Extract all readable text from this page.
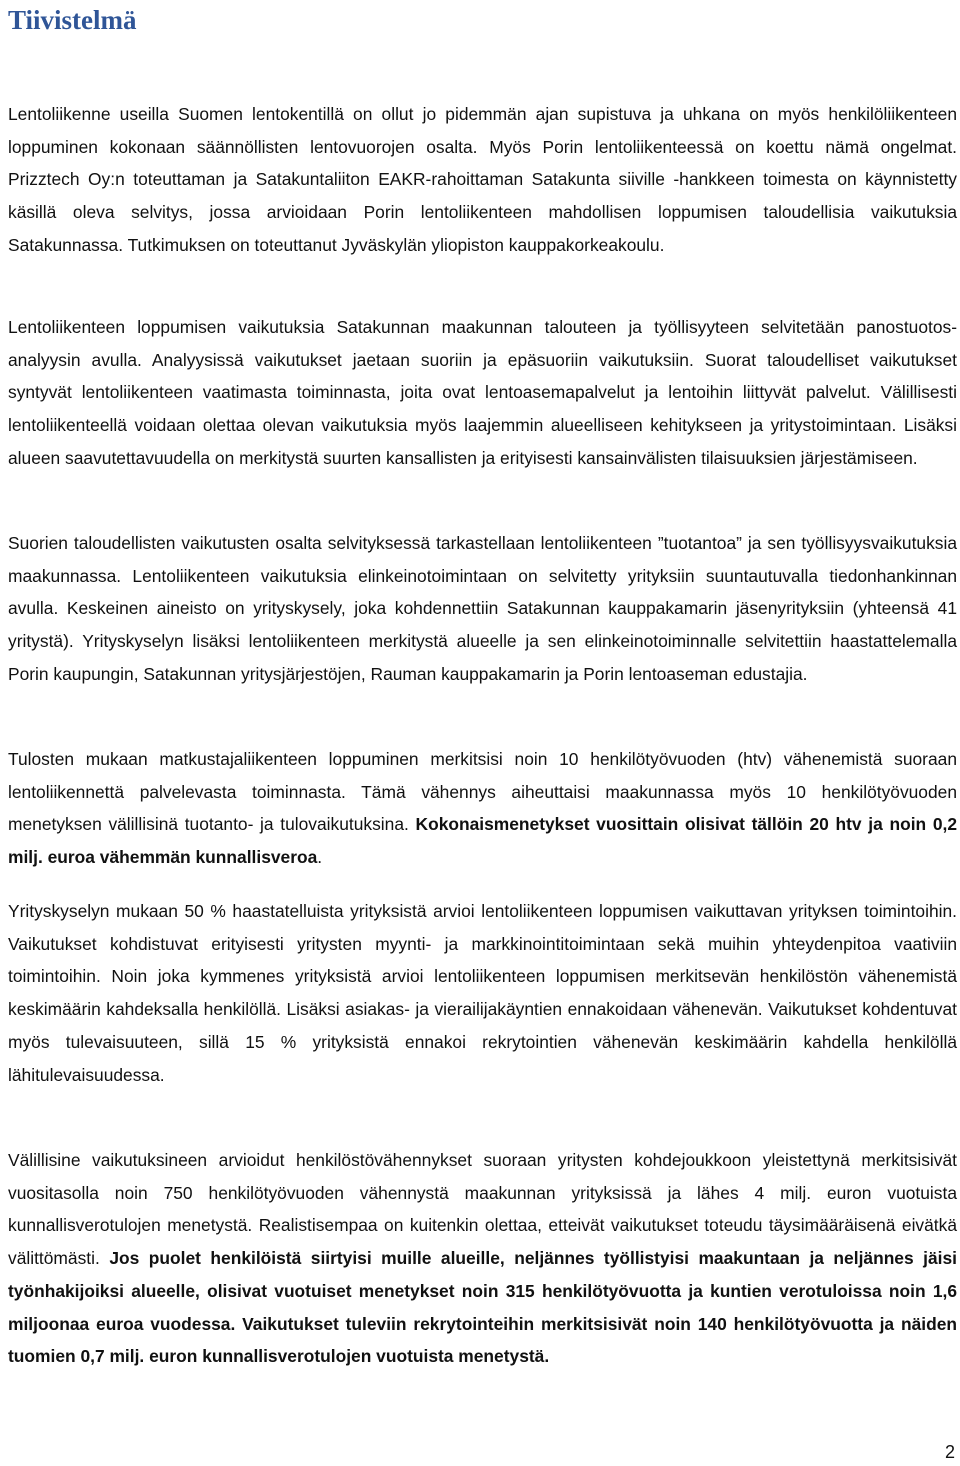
Tiivistelmä

Lentoliikenne useilla Suomen lentokentillä on ollut jo pidemmän ajan supistuva ja uhkana on myös henkilöliikenteen loppuminen kokonaan säännöllisten lentovuorojen osalta. Myös Porin lentoliikenteessä on koettu nämä ongelmat. Prizztech Oy:n toteuttaman ja Satakuntaliiton EAKR-rahoittaman Satakunta siiville -hankkeen toimesta on käynnistetty käsillä oleva selvitys, jossa arvioidaan Porin lentoliikenteen mahdollisen loppumisen taloudellisia vaikutuksia Satakunnassa. Tutkimuksen on toteuttanut Jyväskylän yliopiston kauppakorkeakoulu.

Lentoliikenteen loppumisen vaikutuksia Satakunnan maakunnan talouteen ja työllisyyteen selvitetään panostuotos-analyysin avulla. Analyysissä vaikutukset jaetaan suoriin ja epäsuoriin vaikutuksiin. Suorat taloudelliset vaikutukset syntyvät lentoliikenteen vaatimasta toiminnasta, joita ovat lentoasemapalvelut ja lentoihin liittyvät palvelut. Välillisesti lentoliikenteellä voidaan olettaa olevan vaikutuksia myös laajemmin alueelliseen kehitykseen ja yritystoimintaan. Lisäksi alueen saavutettavuudella on merkitystä suurten kansallisten ja erityisesti kansainvälisten tilaisuuksien järjestämiseen.

Suorien taloudellisten vaikutusten osalta selvityksessä tarkastellaan lentoliikenteen ”tuotantoa” ja sen työllisyysvaikutuksia maakunnassa. Lentoliikenteen vaikutuksia elinkeinotoimintaan on selvitetty yrityksiin suuntautuvalla tiedonhankinnan avulla. Keskeinen aineisto on yrityskysely, joka kohdennettiin Satakunnan kauppakamarin jäsenyrityksiin (yhteensä 41 yritystä). Yrityskyselyn lisäksi lentoliikenteen merkitystä alueelle ja sen elinkeinotoiminnalle selvitettiin haastattelemalla Porin kaupungin, Satakunnan yritysjärjestöjen, Rauman kauppakamarin ja Porin lentoaseman edustajia.

Tulosten mukaan matkustajaliikenteen loppuminen merkitsisi noin 10 henkilötyövuoden (htv) vähenemistä suoraan lentoliikennettä palvelevasta toiminnasta. Tämä vähennys aiheuttaisi maakunnassa myös 10 henkilötyövuoden menetyksen välillisinä tuotanto- ja tulovaikutuksina. Kokonaismenetykset vuosittain olisivat tällöin 20 htv ja noin 0,2 milj. euroa vähemmän kunnallisveroa.

Yrityskyselyn mukaan 50 % haastatelluista yrityksistä arvioi lentoliikenteen loppumisen vaikuttavan yrityksen toimintoihin. Vaikutukset kohdistuvat erityisesti yritysten myynti- ja markkinointitoimintaan sekä muihin yhteydenpitoa vaativiin toimintoihin. Noin joka kymmenes yrityksistä arvioi lentoliikenteen loppumisen merkitsevän henkilöstön vähenemistä keskimäärin kahdeksalla henkilöllä. Lisäksi asiakas- ja vierailijakäyntien ennakoidaan vähenevän. Vaikutukset kohdentuvat myös tulevaisuuteen, sillä 15 % yrityksistä ennakoi rekrytointien vähenevän keskimäärin kahdella henkilöllä lähitulevaisuudessa.

Välillisine vaikutuksineen arvioidut henkilöstövähennykset suoraan yritysten kohdejoukkoon yleistettynä merkitsisivät vuositasolla noin 750 henkilötyövuoden vähennystä maakunnan yrityksissä ja lähes 4 milj. euron vuotuista kunnallisverotulojen menetystä. Realistisempaa on kuitenkin olettaa, etteivät vaikutukset toteudu täysimääräisenä eivätkä välittömästi. Jos puolet henkilöistä siirtyisi muille alueille, neljännes työllistyisi maakuntaan ja neljännes jäisi työnhakijoiksi alueelle, olisivat vuotuiset menetykset noin 315 henkilötyövuotta ja kuntien verotuloissa noin 1,6 miljoonaa euroa vuodessa. Vaikutukset tuleviin rekrytointeihin merkitsisivät noin 140 henkilötyövuotta ja näiden tuomien 0,7 milj. euron kunnallisverotulojen vuotuista menetystä.

2
